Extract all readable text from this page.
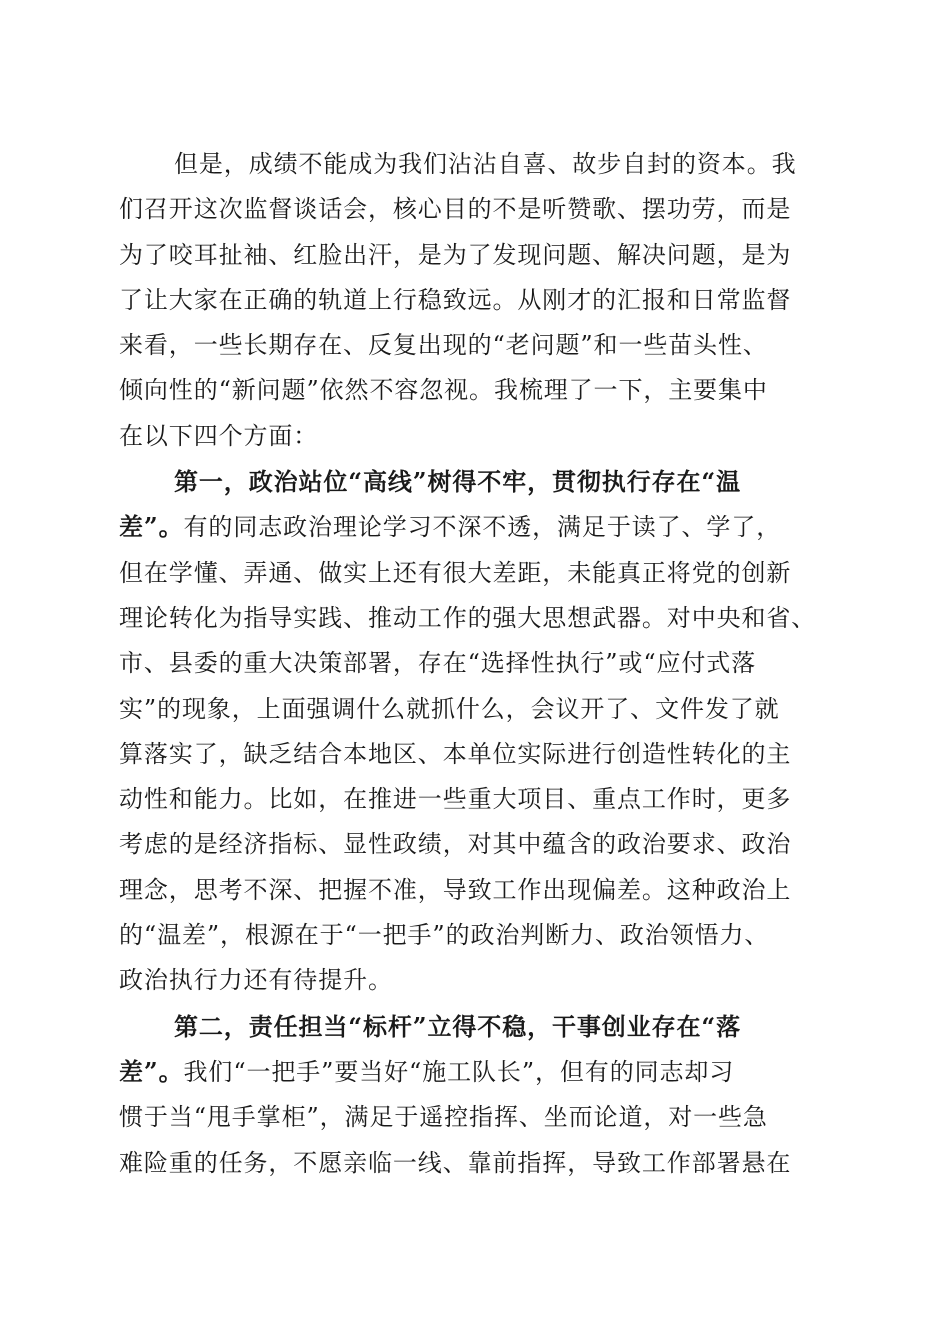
但是，成绩不能成为我们沾沾自喜、故步自封的资本。我
们召开这次监督谈话会，核心目的不是听赞歌、摆功劳，而是
为了咬耳扯袖、红脸出汗，是为了发现问题、解决问题，是为
了让大家在正确的轨道上行稳致远。从刚才的汇报和日常监督
来看，一些长期存在、反复出现的“老问题”和一些苗头性、
倾向性的“新问题”依然不容忽视。我梳理了一下，主要集中
在以下四个方面：

第一，政治站位“高线”树得不牢，贯彻执行存在“温
差”。有的同志政治理论学习不深不透，满足于读了、学了，
但在学懂、弄通、做实上还有很大差距，未能真正将党的创新
理论转化为指导实践、推动工作的强大思想武器。对中央和省、
市、县委的重大决策部署，存在“选择性执行”或“应付式落
实”的现象，上面强调什么就抓什么，会议开了、文件发了就
算落实了，缺乏结合本地区、本单位实际进行创造性转化的主
动性和能力。比如，在推进一些重大项目、重点工作时，更多
考虑的是经济指标、显性政绩，对其中蕴含的政治要求、政治
理念，思考不深、把握不准，导致工作出现偏差。这种政治上
的“温差”，根源在于“一把手”的政治判断力、政治领悟力、
政治执行力还有待提升。

第二，责任担当“标杆”立得不稳，干事创业存在“落
差”。我们“一把手”要当好“施工队长”，但有的同志却习
惯于当“甩手掌柜”，满足于遥控指挥、坐而论道，对一些急
难险重的任务，不愿亲临一线、靠前指挥，导致工作部署悬在
